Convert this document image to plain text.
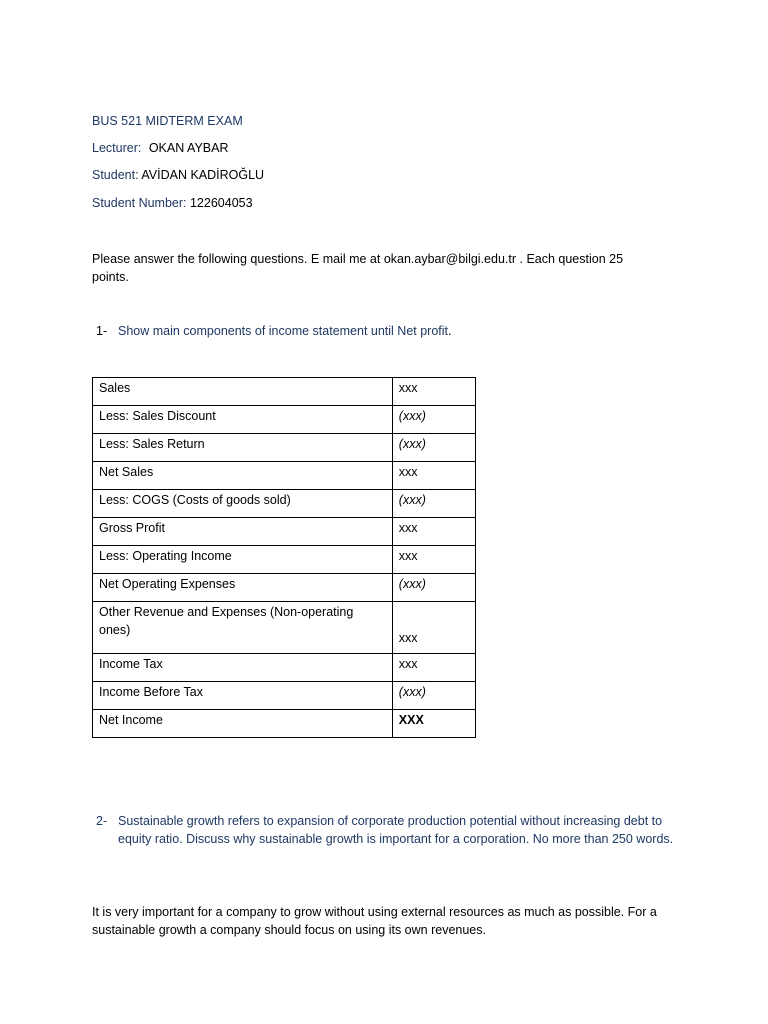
BUS 521 MIDTERM EXAM
Lecturer: OKAN AYBAR
Student: AVİDAN KADİROĞLU
Student Number: 122604053
Please answer the following questions. E mail me at okan.aybar@bilgi.edu.tr . Each question 25 points.
1- Show main components of income statement until Net profit.
Sales	xxx
Less: Sales Discount	(xxx)
Less: Sales Return	(xxx)
Net Sales	xxx
Less: COGS (Costs of goods sold)	(xxx)
Gross Profit	xxx
Less: Operating Income	xxx
Net Operating Expenses	(xxx)
Other Revenue and Expenses (Non-operating ones)	xxx
Income Tax	xxx
Income Before Tax	(xxx)
Net Income	XXX
2- Sustainable growth refers to expansion of corporate production potential without increasing debt to equity ratio. Discuss why sustainable growth is important for a corporation. No more than 250 words.
It is very important for a company to grow without using external resources as much as possible. For a sustainable growth a company should focus on using its own revenues.
